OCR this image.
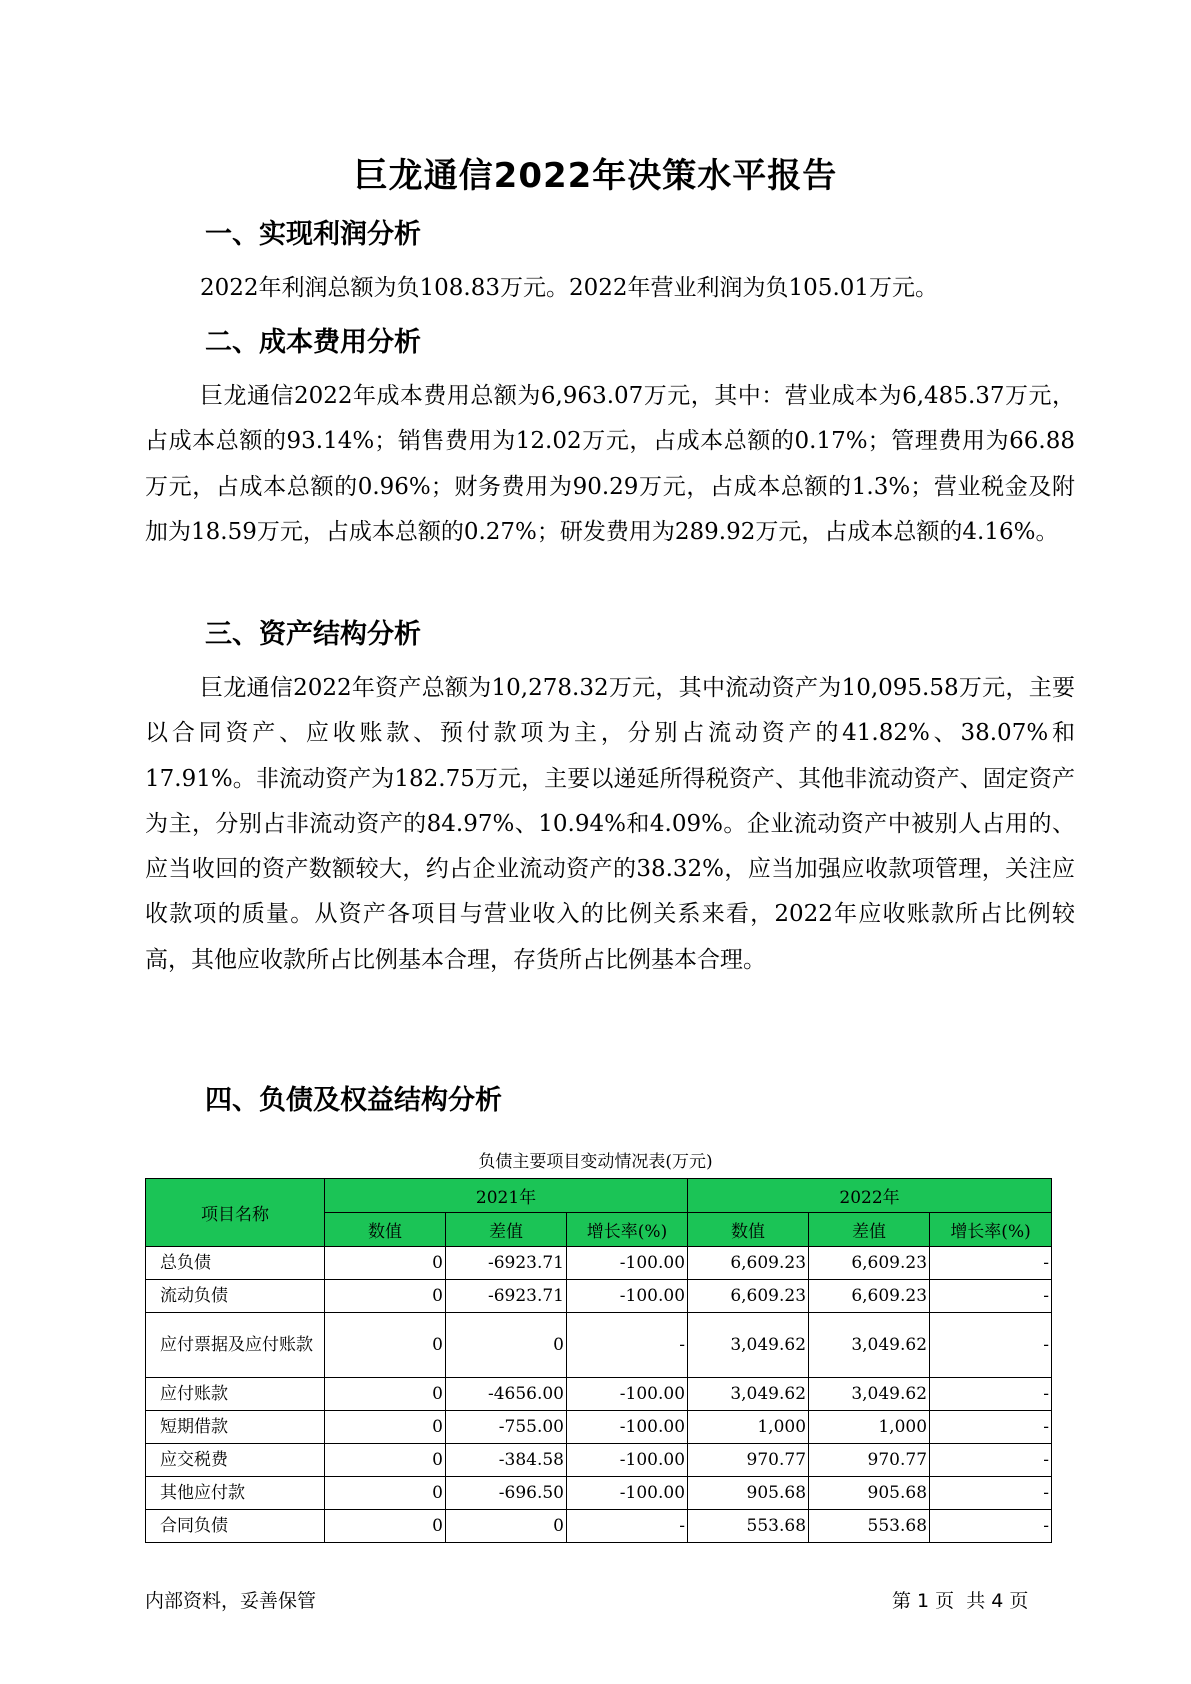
巨龙通信2022年决策水平报告
一、实现利润分析

2022年利润总额为负108.83万元。2022年营业利润为负105.01万元。

二、成本费用分析

巨龙通信2022年成本费用总额为6,963.07万元，其中：营业成本为6,485.37万元，占成本总额的93.14%；销售费用为12.02万元，占成本总额的0.17%；管理费用为66.88万元，占成本总额的0.96%；财务费用为90.29万元，占成本总额的1.3%；营业税金及附加为18.59万元，占成本总额的0.27%；研发费用为289.92万元，占成本总额的4.16%。

三、资产结构分析

巨龙通信2022年资产总额为10,278.32万元，其中流动资产为10,095.58万元，主要以合同资产、应收账款、预付款项为主，分别占流动资产的41.82%、38.07%和17.91%。非流动资产为182.75万元，主要以递延所得税资产、其他非流动资产、固定资产为主，分别占非流动资产的84.97%、10.94%和4.09%。企业流动资产中被别人占用的、应当收回的资产数额较大，约占企业流动资产的38.32%，应当加强应收款项管理，关注应收款项的质量。从资产各项目与营业收入的比例关系来看，2022年应收账款所占比例较高，其他应收款所占比例基本合理，存货所占比例基本合理。

四、负债及权益结构分析
负债主要项目变动情况表(万元)
项目名称	2021年			2022年		
	数值	差值	增长率(%)	数值	差值	增长率(%)
总负债	0	-6923.71	-100.00	6,609.23	6,609.23	-
流动负债	0	-6923.71	-100.00	6,609.23	6,609.23	-
应付票据及应付账款	0	0	-	3,049.62	3,049.62	-
应付账款	0	-4656.00	-100.00	3,049.62	3,049.62	-
短期借款	0	-755.00	-100.00	1,000	1,000	-
应交税费	0	-384.58	-100.00	970.77	970.77	-
其他应付款	0	-696.50	-100.00	905.68	905.68	-
合同负债	0	0	-	553.68	553.68	-
内部资料，妥善保管	第 1 页  共 4 页
